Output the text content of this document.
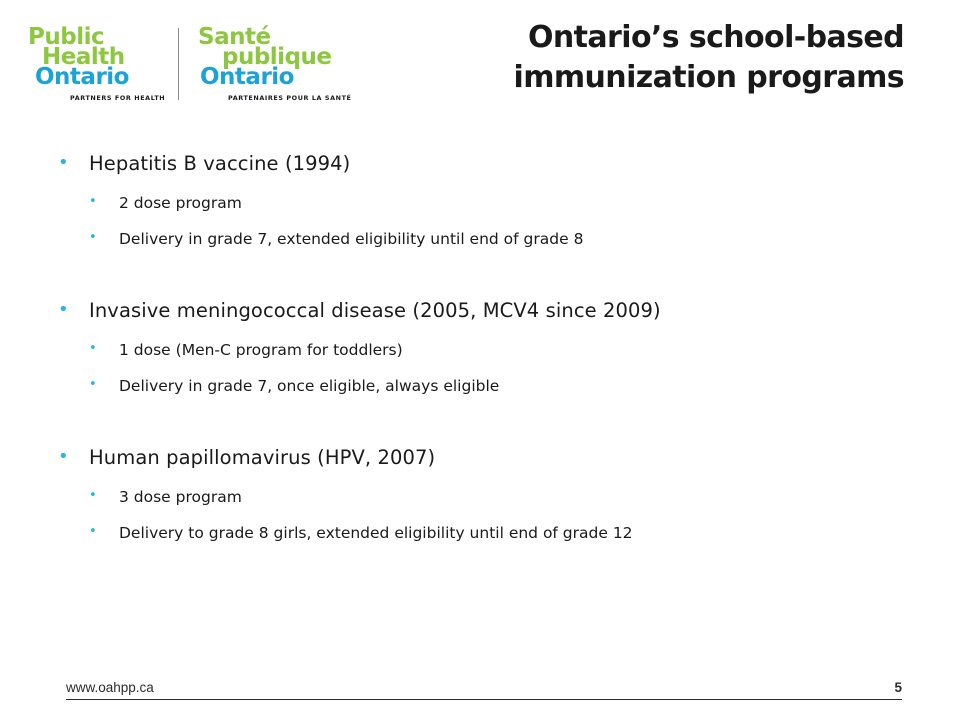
Public
Health
Ontario
PARTNERS FOR HEALTH
Santé
publique
Ontario
PARTENAIRES POUR LA SANTÉ
Ontario’s school-based
immunization programs
• Hepatitis B vaccine (1994)
• 2 dose program
• Delivery in grade 7, extended eligibility until end of grade 8
• Invasive meningococcal disease (2005, MCV4 since 2009)
• 1 dose (Men-C program for toddlers)
• Delivery in grade 7, once eligible, always eligible
• Human papillomavirus (HPV, 2007)
• 3 dose program
• Delivery to grade 8 girls, extended eligibility until end of grade 12
www.oahpp.ca	5
